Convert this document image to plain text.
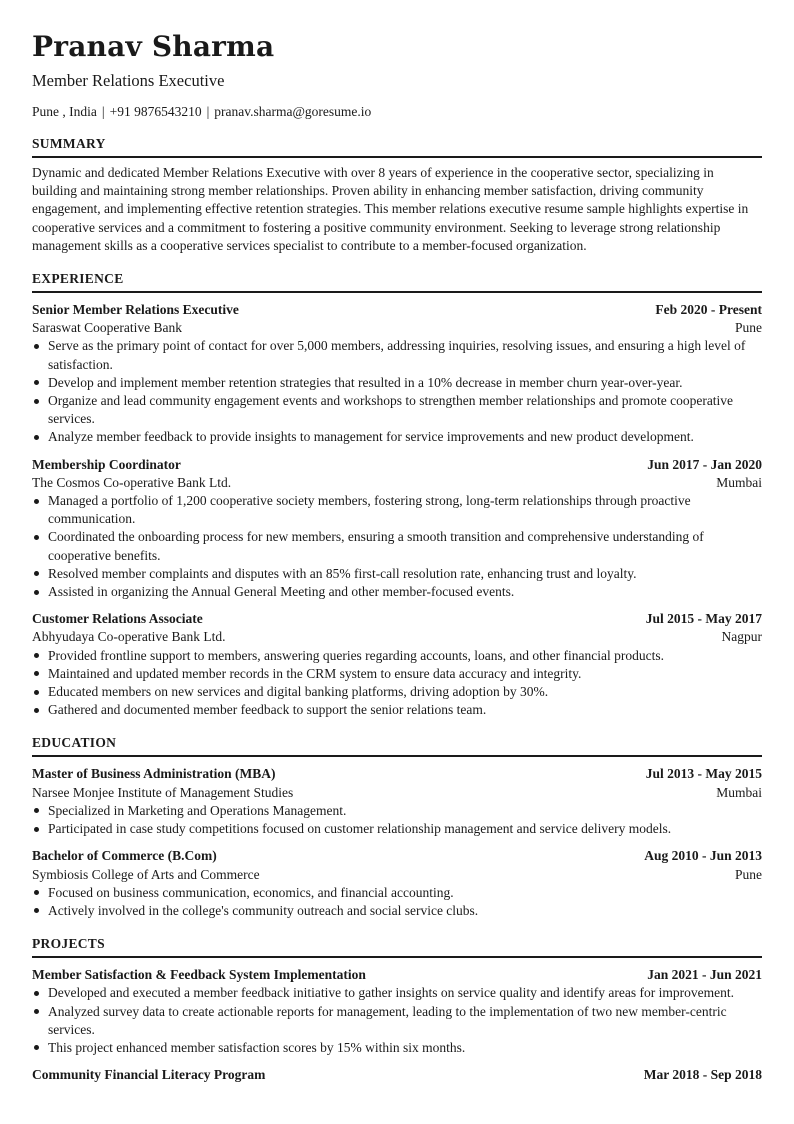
Pranav Sharma
Member Relations Executive
Pune , India | +91 9876543210 | pranav.sharma@goresume.io
SUMMARY
Dynamic and dedicated Member Relations Executive with over 8 years of experience in the cooperative sector, specializing in building and maintaining strong member relationships. Proven ability in enhancing member satisfaction, driving community engagement, and implementing effective retention strategies. This member relations executive resume sample highlights expertise in cooperative services and a commitment to fostering a positive community environment. Seeking to leverage strong relationship management skills as a cooperative services specialist to contribute to a member-focused organization.
EXPERIENCE
Senior Member Relations Executive	Feb 2020 - Present
Saraswat Cooperative Bank	Pune
Serve as the primary point of contact for over 5,000 members, addressing inquiries, resolving issues, and ensuring a high level of satisfaction.
Develop and implement member retention strategies that resulted in a 10% decrease in member churn year-over-year.
Organize and lead community engagement events and workshops to strengthen member relationships and promote cooperative services.
Analyze member feedback to provide insights to management for service improvements and new product development.
Membership Coordinator	Jun 2017 - Jan 2020
The Cosmos Co-operative Bank Ltd.	Mumbai
Managed a portfolio of 1,200 cooperative society members, fostering strong, long-term relationships through proactive communication.
Coordinated the onboarding process for new members, ensuring a smooth transition and comprehensive understanding of cooperative benefits.
Resolved member complaints and disputes with an 85% first-call resolution rate, enhancing trust and loyalty.
Assisted in organizing the Annual General Meeting and other member-focused events.
Customer Relations Associate	Jul 2015 - May 2017
Abhyudaya Co-operative Bank Ltd.	Nagpur
Provided frontline support to members, answering queries regarding accounts, loans, and other financial products.
Maintained and updated member records in the CRM system to ensure data accuracy and integrity.
Educated members on new services and digital banking platforms, driving adoption by 30%.
Gathered and documented member feedback to support the senior relations team.
EDUCATION
Master of Business Administration (MBA)	Jul 2013 - May 2015
Narsee Monjee Institute of Management Studies	Mumbai
Specialized in Marketing and Operations Management.
Participated in case study competitions focused on customer relationship management and service delivery models.
Bachelor of Commerce (B.Com)	Aug 2010 - Jun 2013
Symbiosis College of Arts and Commerce	Pune
Focused on business communication, economics, and financial accounting.
Actively involved in the college's community outreach and social service clubs.
PROJECTS
Member Satisfaction & Feedback System Implementation	Jan 2021 - Jun 2021
Developed and executed a member feedback initiative to gather insights on service quality and identify areas for improvement.
Analyzed survey data to create actionable reports for management, leading to the implementation of two new member-centric services.
This project enhanced member satisfaction scores by 15% within six months.
Community Financial Literacy Program	Mar 2018 - Sep 2018
